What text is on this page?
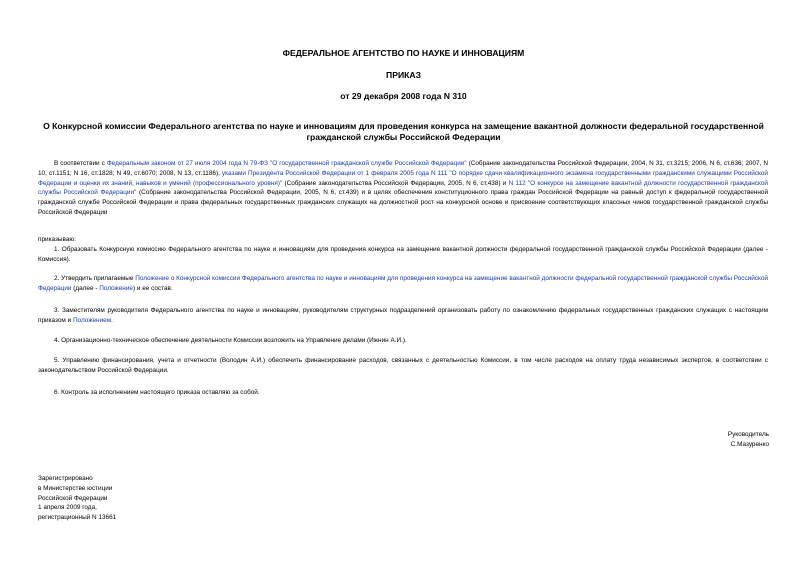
ФЕДЕРАЛЬНОЕ АГЕНТСТВО ПО НАУКЕ И ИННОВАЦИЯМ
ПРИКАЗ
от 29 декабря 2008 года N 310
О Конкурсной комиссии Федерального агентства по науке и инновациям для проведения конкурса на замещение вакантной должности федеральной государственной гражданской службы Российской Федерации

В соответствии с Федеральным законом от 27 июля 2004 года N 79-ФЗ "О государственной гражданской службе Российской Федерации" (Собрание законодательства Российской Федерации, 2004, N 31, ст.3215; 2006, N 6, ст.636; 2007, N 10, ст.1151; N 16, ст.1828; N 49, ст.6070; 2008, N 13, ст.1186), указами Президента Российской Федерации от 1 февраля 2005 года N 111 "О порядке сдачи квалификационного экзамена государственными гражданскими служащими Российской Федерации и оценки их знаний, навыков и умений (профессионального уровня)" (Собрание законодательства Российской Федерации, 2005, N 6, ст.438) и N 112 "О конкурсе на замещение вакантной должности государственной гражданской службы Российской Федерации" (Собрание законодательства Российской Федерации, 2005, N 6, ст.439) и в целях обеспечения конституционного права граждан Российской Федерации на равный доступ к федеральной государственной гражданской службе Российской Федерации и права федеральных государственных гражданских служащих на должностной рост на конкурсной основе и присвоение соответствующих классных чинов государственной гражданской службы Российской Федерации

приказываю:

1. Образовать Конкурсную комиссию Федерального агентства по науке и инновациям для проведения конкурса на замещение вакантной должности федеральной государственной гражданской службы Российской Федерации (далее - Комиссия).

2. Утвердить прилагаемые Положение о Конкурсной комиссии Федерального агентства по науке и инновациям для проведения конкурса на замещение вакантной должности федеральной государственной гражданской службы Российской Федерации (далее - Положение) и ее состав.

3. Заместителям руководителя Федерального агентства по науке и инновациям, руководителям структурных подразделений организовать работу по ознакомлению федеральных государственных гражданских служащих с настоящим приказом и Положением.

4. Организационно-техническое обеспечение деятельности Комиссии возложить на Управление делами (Ижнин А.И.).

5. Управлению финансирования, учета и отчетности (Володин А.И.) обеспечить финансирование расходов, связанных с деятельностью Комиссии, в том числе расходов на оплату труда независимых экспертов, в соответствии с законодательством Российской Федерации.

6. Контроль за исполнением настоящего приказа оставляю за собой.

Руководитель
С.Мазуренко
Зарегистрировано
в Министерстве юстиции
Российской Федерации
1 апреля 2009 года,
регистрационный N 13661
